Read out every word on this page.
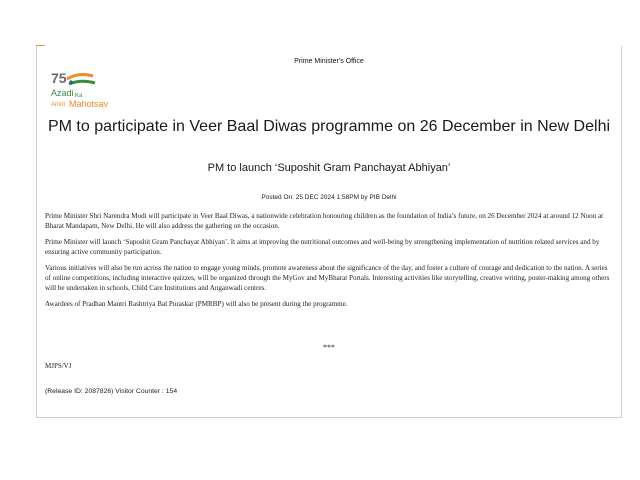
Prime Minister's Office
75
Azadi Ka
Amrit Mahotsav
PM to participate in Veer Baal Diwas programme on 26 December in New Delhi
PM to launch ‘Suposhit Gram Panchayat Abhiyan’
Posted On: 25 DEC 2024 1:58PM by PIB Delhi

Prime Minister Shri Narendra Modi will participate in Veer Baal Diwas, a nationwide celebration honouring children as the foundation of India’s future, on 26 December 2024 at around 12 Noon at Bharat Mandapam, New Delhi. He will also address the gathering on the occasion.

Prime Minister will launch ‘Suposhit Gram Panchayat Abhiyan’. It aims at improving the nutritional outcomes and well-being by strengthening implementation of nutrition related services and by ensuring active community participation.

Various initiatives will also be run across the nation to engage young minds, promote awareness about the significance of the day, and foster a culture of courage and dedication to the nation. A series of online competitions, including interactive quizzes, will be organized through the MyGov and MyBharat Portals. Interesting activities like storytelling, creative writing, poster-making among others will be undertaken in schools, Child Care Institutions and Anganwadi centres.

Awardees of Pradhan Mantri Rashtriya Bal Puraskar (PMRBP) will also be present during the programme.

***
MJPS/VJ
(Release ID: 2087826) Visitor Counter : 154
